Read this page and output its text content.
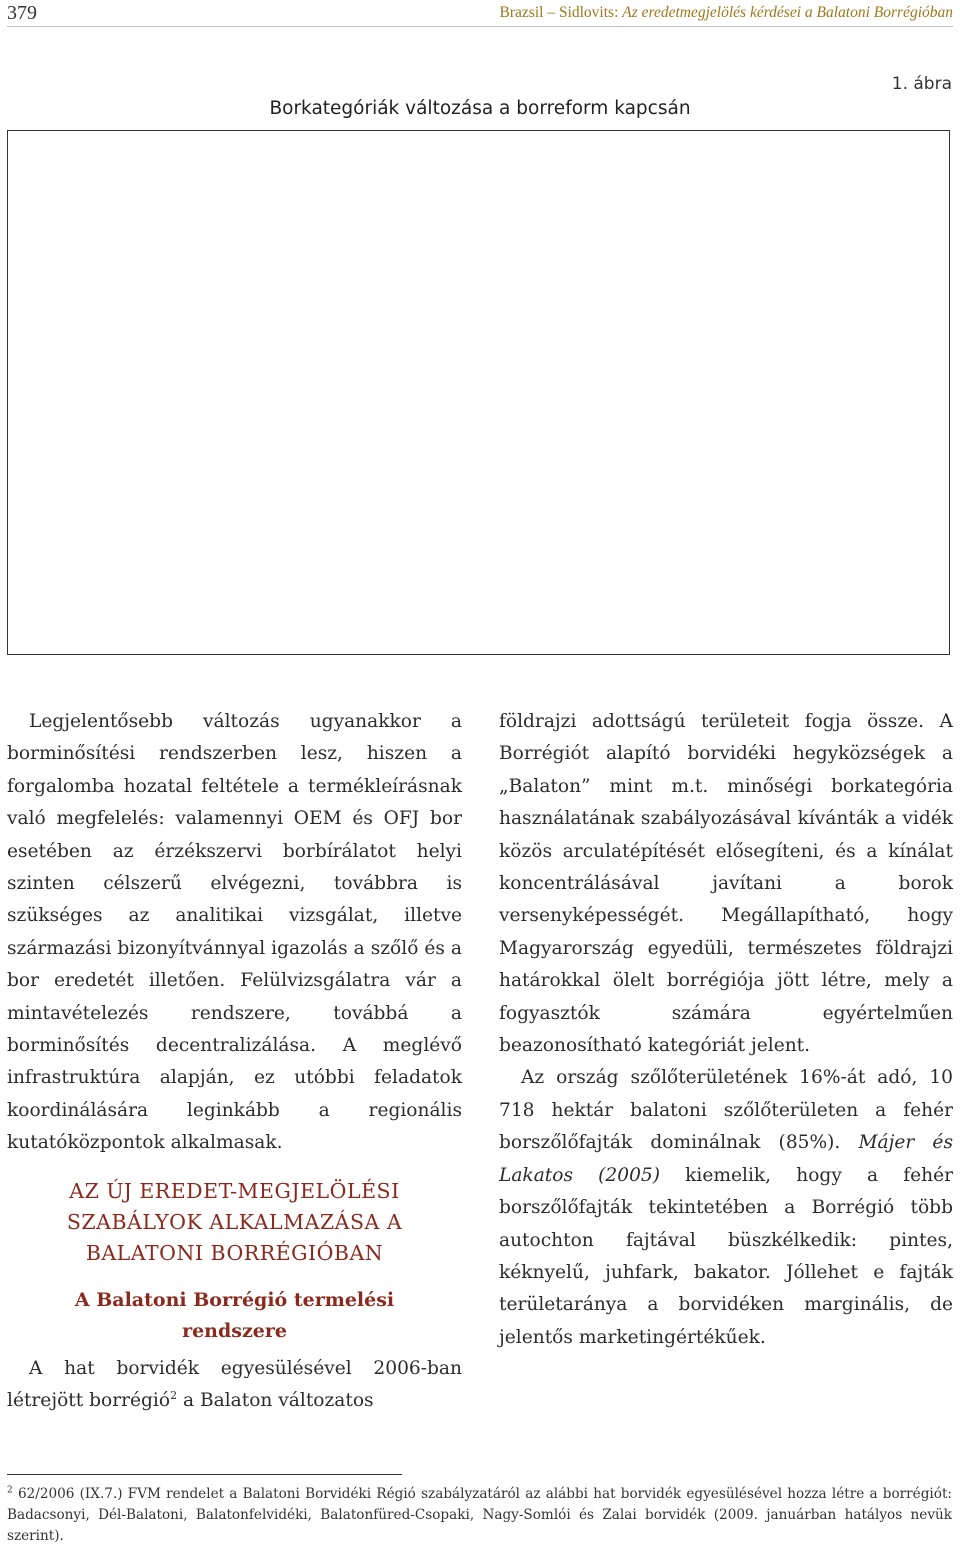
379	Brazsil – Sidlovits: Az eredetmegjelölés kérdései a Balatoni Borrégióban
1. ábra
Borkategóriák változása a borreform kapcsán

Legjelentősebb változás ugyanakkor a borminősítési rendszerben lesz, hiszen a forgalomba hozatal feltétele a termékleírásnak való megfelelés: valamennyi OEM és OFJ bor esetében az érzékszervi borbírálatot helyi szinten célszerű elvégezni, továbbra is szükséges az analitikai vizsgálat, illetve származási bizonyítvánnyal igazolás a szőlő és a bor eredetét illetően. Felülvizsgálatra vár a mintavételezés rendszere, továbbá a borminősítés decentralizálása. A meglévő infrastruktúra alapján, ez utóbbi feladatok koordinálására leginkább a regionális kutatóközpontok alkalmasak.

AZ ÚJ EREDET-MEGJELÖLÉSI
SZABÁLYOK ALKALMAZÁSA A
BALATONI BORRÉGIÓBAN
A Balatoni Borrégió termelési
rendszere

A hat borvidék egyesülésével 2006-ban létrejött borrégió$^2$ a Balaton változatos

földrajzi adottságú területeit fogja össze. A Borrégiót alapító borvidéki hegyközségek a „Balaton” mint m.t. minőségi borkategória használatának szabályozásával kívánták a vidék közös arculatépítését elősegíteni, és a kínálat koncentrálásával javítani a borok versenyképességét. Megállapítható, hogy Magyarország egyedüli, természetes földrajzi határokkal ölelt borrégiója jött létre, mely a fogyasztók számára egyértelműen beazonosítható kategóriát jelent.

Az ország szőlőterületének 16%-át adó, 10 718 hektár balatoni szőlőterületen a fehér borszőlőfajták dominálnak (85%). Májer és Lakatos (2005) kiemelik, hogy a fehér borszőlőfajták tekintetében a Borrégió több autochton fajtával büszkélkedik: pintes, kéknyelű, juhfark, bakator. Jóllehet e fajták területaránya a borvidéken marginális, de jelentős marketingértékűek.

$^2$ 62/2006 (IX.7.) FVM rendelet a Balatoni Borvidéki Régió szabályzatáról az alábbi hat borvidék egyesülésével hozza létre a borrégiót: Badacsonyi, Dél-Balatoni, Balatonfelvidéki, Balatonfüred-Csopaki, Nagy-Somlói és Zalai borvidék (2009. januárban hatályos nevük szerint).
